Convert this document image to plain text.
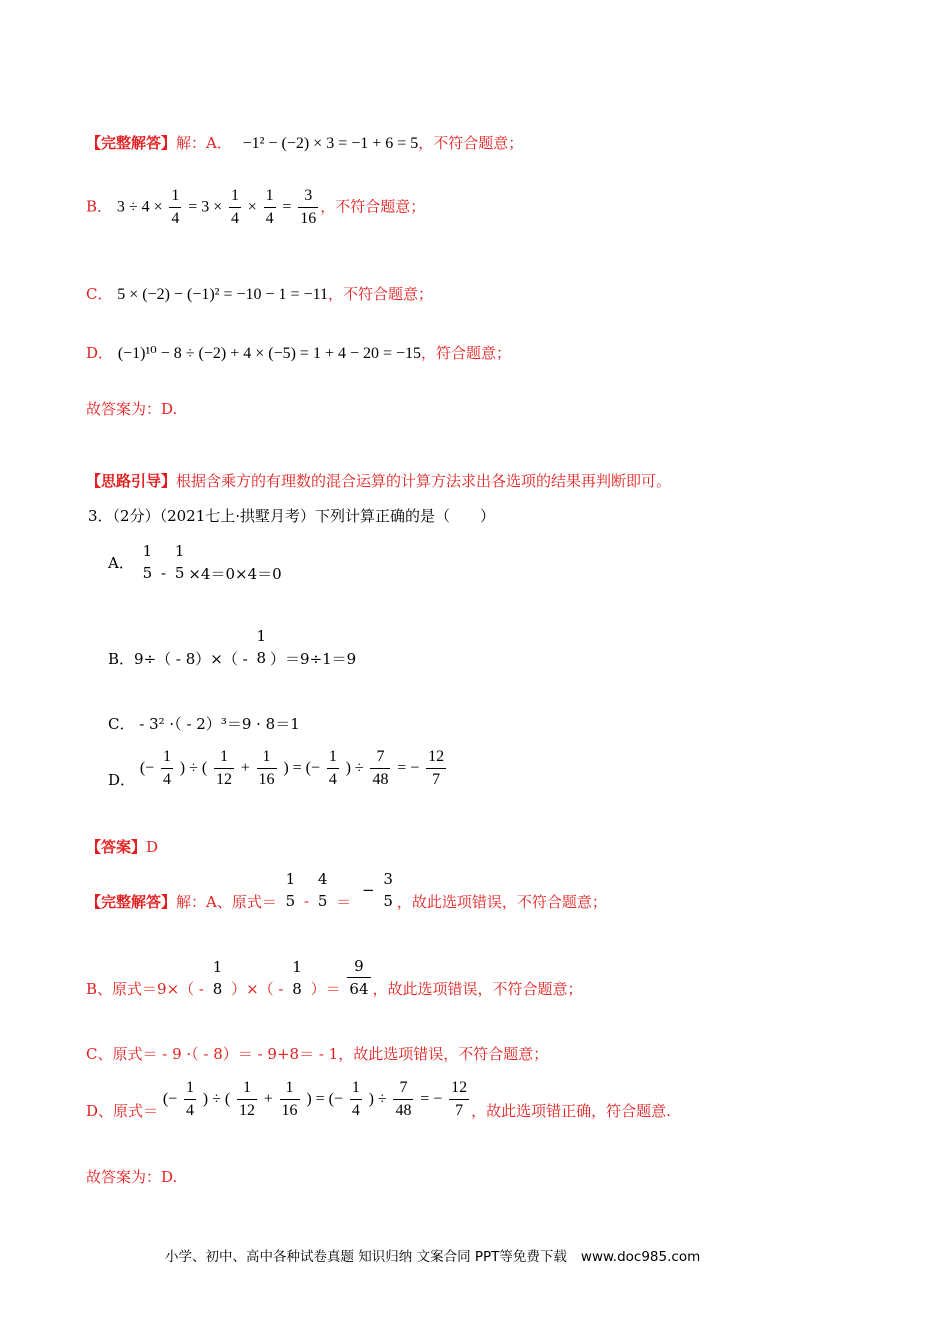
【完整解答】解：A． −1² − (−2) × 3 = −1 + 6 = 5，不符合题意；
B． $3 \div 4 \times \frac{1}{4} = 3 \times \frac{1}{4} \times \frac{1}{4} = \frac{3}{16}$ ，不符合题意；
C． 5 × (−2) − (−1)² = −10 − 1 = −11，不符合题意；
D． (−1)¹⁰ − 8 ÷ (−2) + 4 × (−5) = 1 + 4 − 20 = −15，符合题意；
故答案为：D.
【思路引导】根据含乘方的有理数的混合运算的计算方法求出各选项的结果再判断即可。
3．（2分）（2021七上·拱墅月考）下列计算正确的是（　　）
A．
1
5 -
1
5 ×4＝0×4＝0
B．9÷（ - 8）×（ -
1
8 ）＝9÷1＝9
C． - 3² ·（ - 2）³＝9 · 8＝1
D． (− $\frac{1}{4}$ ) ÷ ( $\frac{1}{12} + \frac{1}{16}$ ) = (− $\frac{1}{4}$ ) ÷ $\frac{7}{48}$ = − $\frac{12}{7}$
【答案】D
【完整解答】解：A、原式＝
1
5 -
4
5 ＝ −
3
5 ，故此选项错误，不符合题意；
B、原式＝9×（ -
1
8 ）×（ -
1
8 ）＝ $\frac{9}{64}$ ，故此选项错误，不符合题意；
C、原式＝ - 9 ·（ - 8）＝ - 9+8＝ - 1，故此选项错误，不符合题意；
D、原式＝ (− $\frac{1}{4}$ ) ÷ ( $\frac{1}{12} + \frac{1}{16}$ ) = (− $\frac{1}{4}$ ) ÷ $\frac{7}{48}$ = − $\frac{12}{7}$ ，故此选项错正确，符合题意.
故答案为：D.
小学、初中、高中各种试卷真题 知识归纳 文案合同 PPT等免费下载 www.doc985.com
